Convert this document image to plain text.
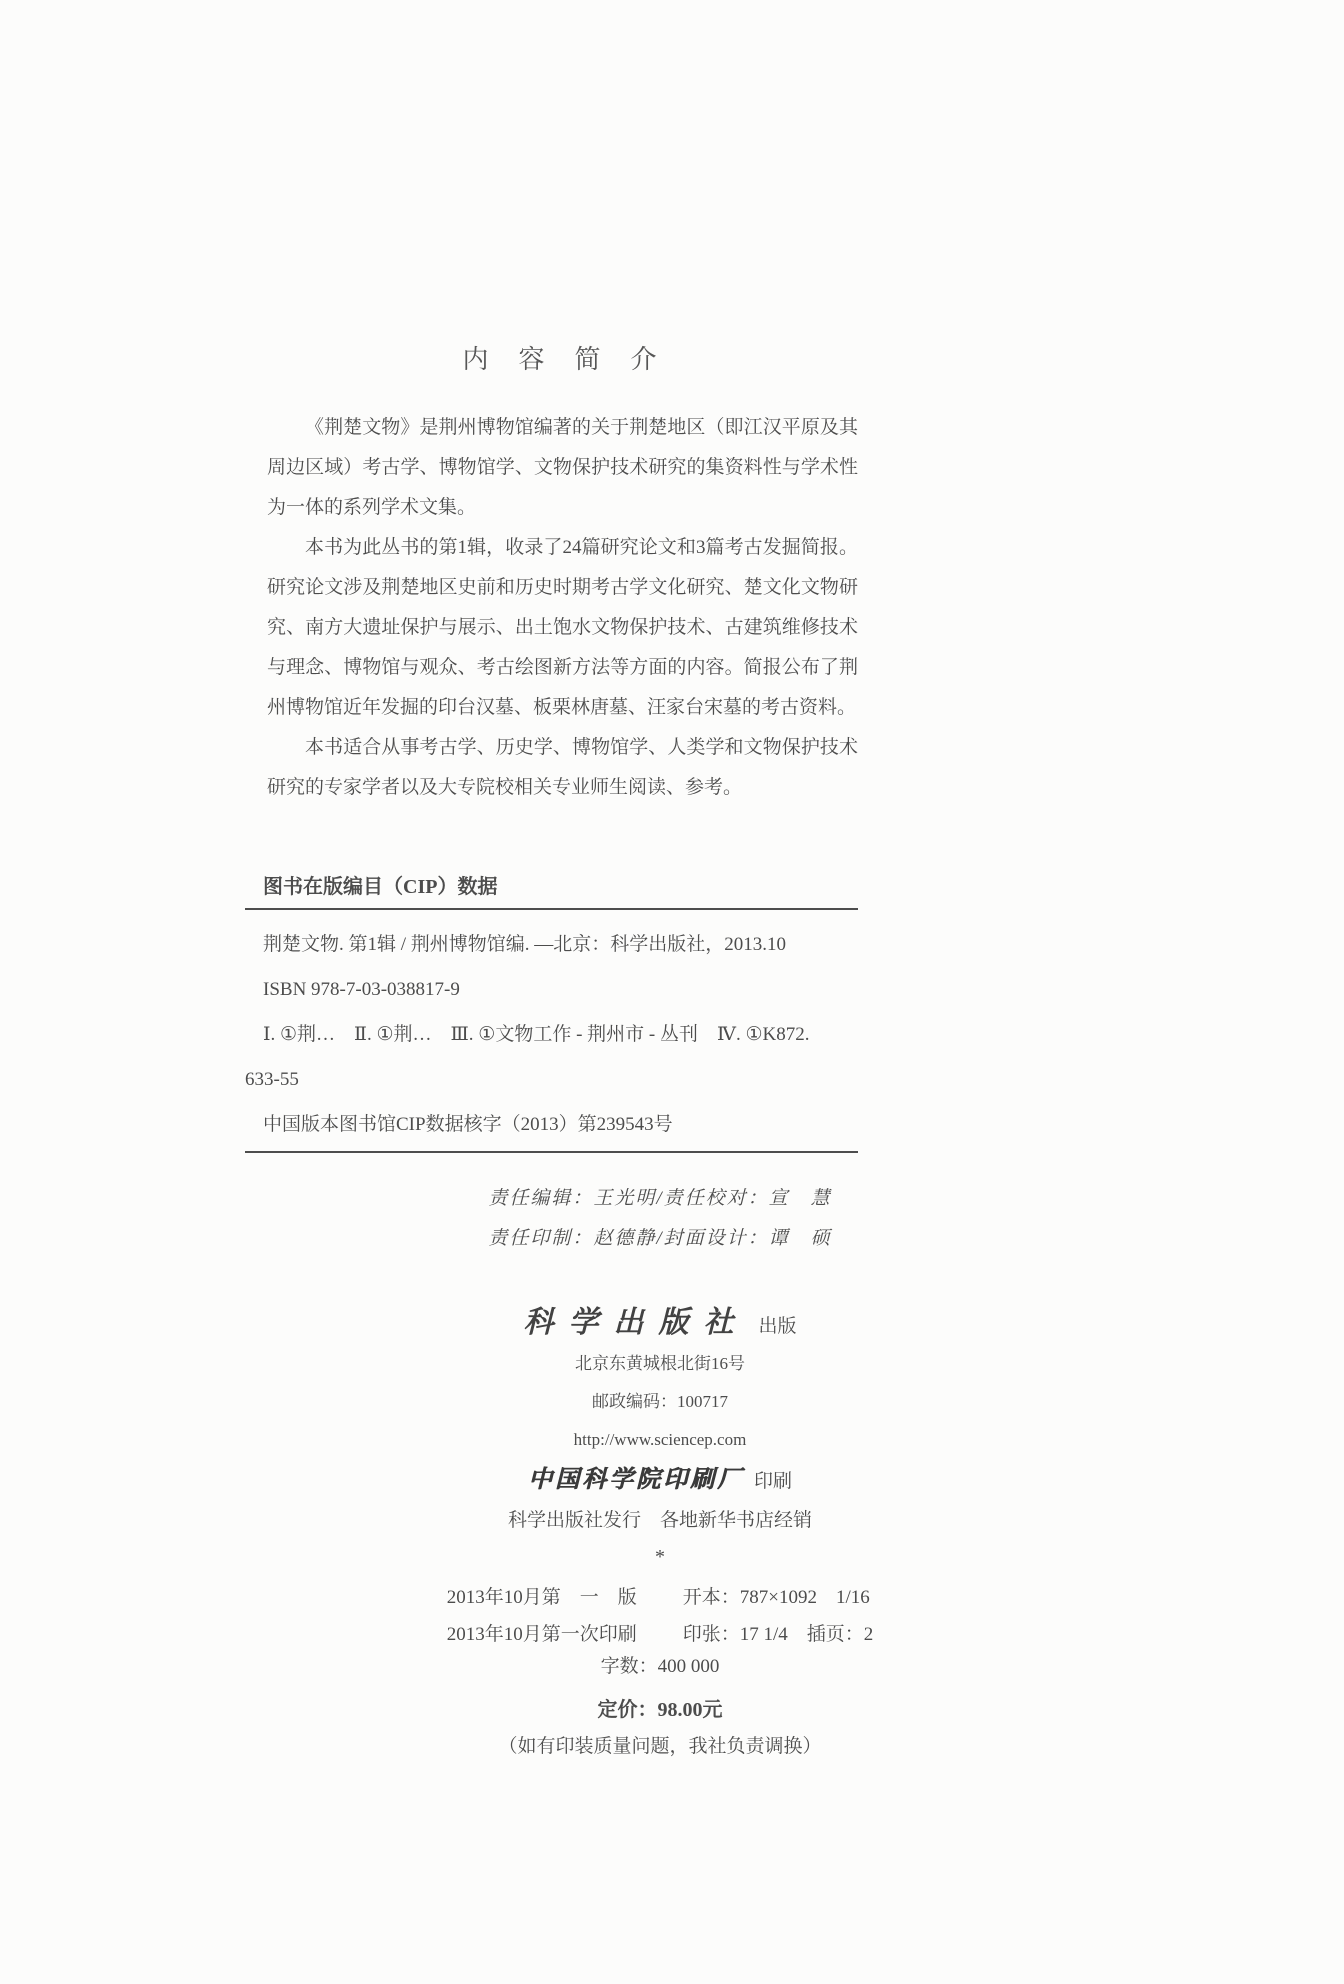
内　容　简　介

《荆楚文物》是荆州博物馆编著的关于荆楚地区（即江汉平原及其周边区域）考古学、博物馆学、文物保护技术研究的集资料性与学术性为一体的系列学术文集。

本书为此丛书的第1辑，收录了24篇研究论文和3篇考古发掘简报。研究论文涉及荆楚地区史前和历史时期考古学文化研究、楚文化文物研究、南方大遗址保护与展示、出土饱水文物保护技术、古建筑维修技术与理念、博物馆与观众、考古绘图新方法等方面的内容。简报公布了荆州博物馆近年发掘的印台汉墓、板栗林唐墓、汪家台宋墓的考古资料。

本书适合从事考古学、历史学、博物馆学、人类学和文物保护技术研究的专家学者以及大专院校相关专业师生阅读、参考。

图书在版编目（CIP）数据
荆楚文物. 第1辑 / 荆州博物馆编. —北京：科学出版社，2013.10
ISBN 978-7-03-038817-9
Ⅰ. ①荆…　Ⅱ. ①荆…　Ⅲ. ①文物工作 - 荆州市 - 丛刊　Ⅳ. ①K872.
633-55
中国版本图书馆CIP数据核字（2013）第239543号
责任编辑：王光明/责任校对：宣　慧
责任印制：赵德静/封面设计：谭　硕
科学出版社 出版
北京东黄城根北街16号
邮政编码：100717
http://www.sciencep.com
中国科学院印刷厂 印刷
科学出版社发行　各地新华书店经销
*
2013年10月第　一　版 开本：787×1092　1/16
2013年10月第一次印刷 印张：17 1/4　插页：2
字数：400 000
定价：98.00元
（如有印装质量问题，我社负责调换）
